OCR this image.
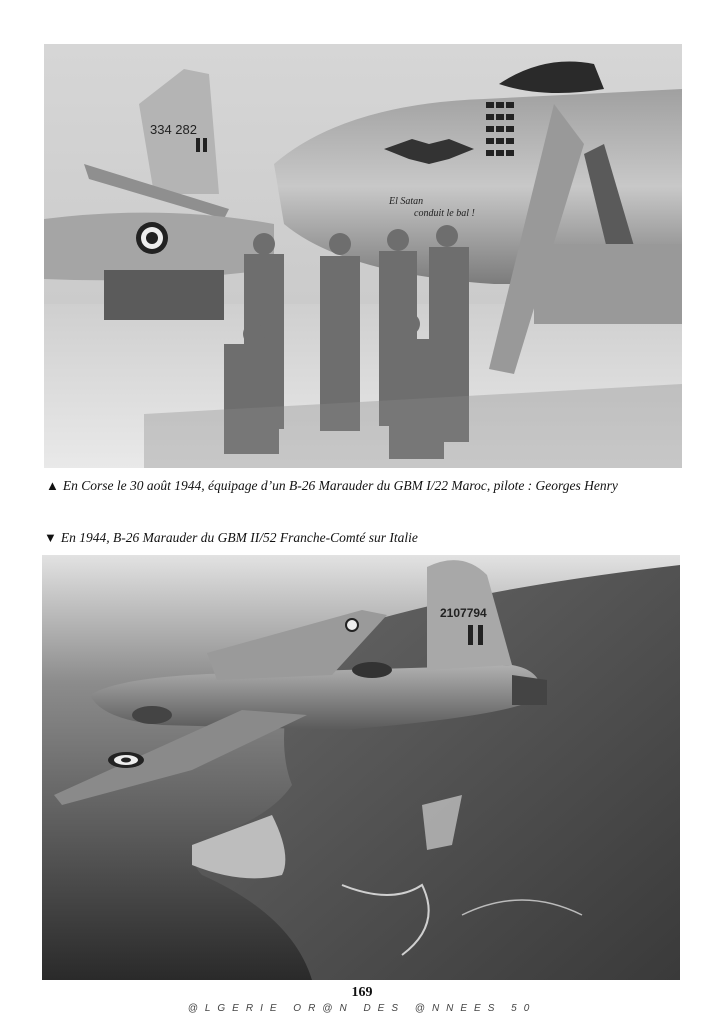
334 282
El Satan
conduit le bal !
▲ En Corse le 30 août 1944, équipage d’un B-26 Marauder du GBM I/22 Maroc, pilote : Georges Henry
▼ En 1944, B-26 Marauder du GBM II/52 Franche-Comté sur Italie
2107794
169
@LGERIE OR@N DES @NNEES 50
